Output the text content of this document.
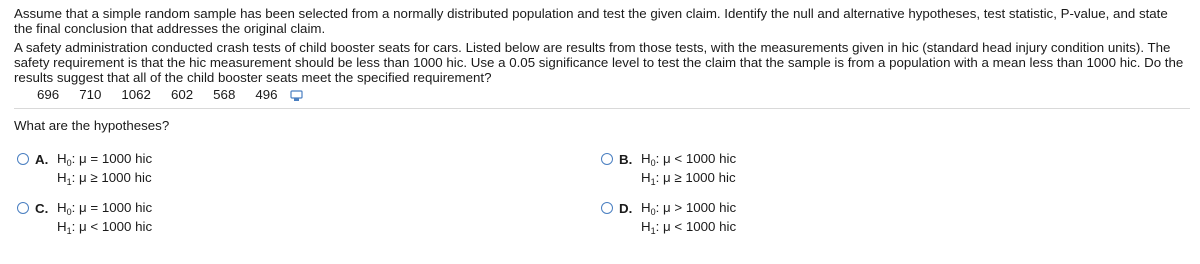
Assume that a simple random sample has been selected from a normally distributed population and test the given claim. Identify the null and alternative hypotheses, test statistic, P-value, and state the final conclusion that addresses the original claim.
A safety administration conducted crash tests of child booster seats for cars. Listed below are results from those tests, with the measurements given in hic (standard head injury condition units). The safety requirement is that the hic measurement should be less than 1000 hic. Use a 0.05 significance level to test the claim that the sample is from a population with a mean less than 1000 hic. Do the results suggest that all of the child booster seats meet the specified requirement?
696 710 1062 602 568 496
What are the hypotheses?
A. $H_0$: μ = 1000 hic
$H_1$: μ ≥ 1000 hic
B. $H_0$: μ < 1000 hic
$H_1$: μ ≥ 1000 hic
C. $H_0$: μ = 1000 hic
$H_1$: μ < 1000 hic
D. $H_0$: μ > 1000 hic
$H_1$: μ < 1000 hic
